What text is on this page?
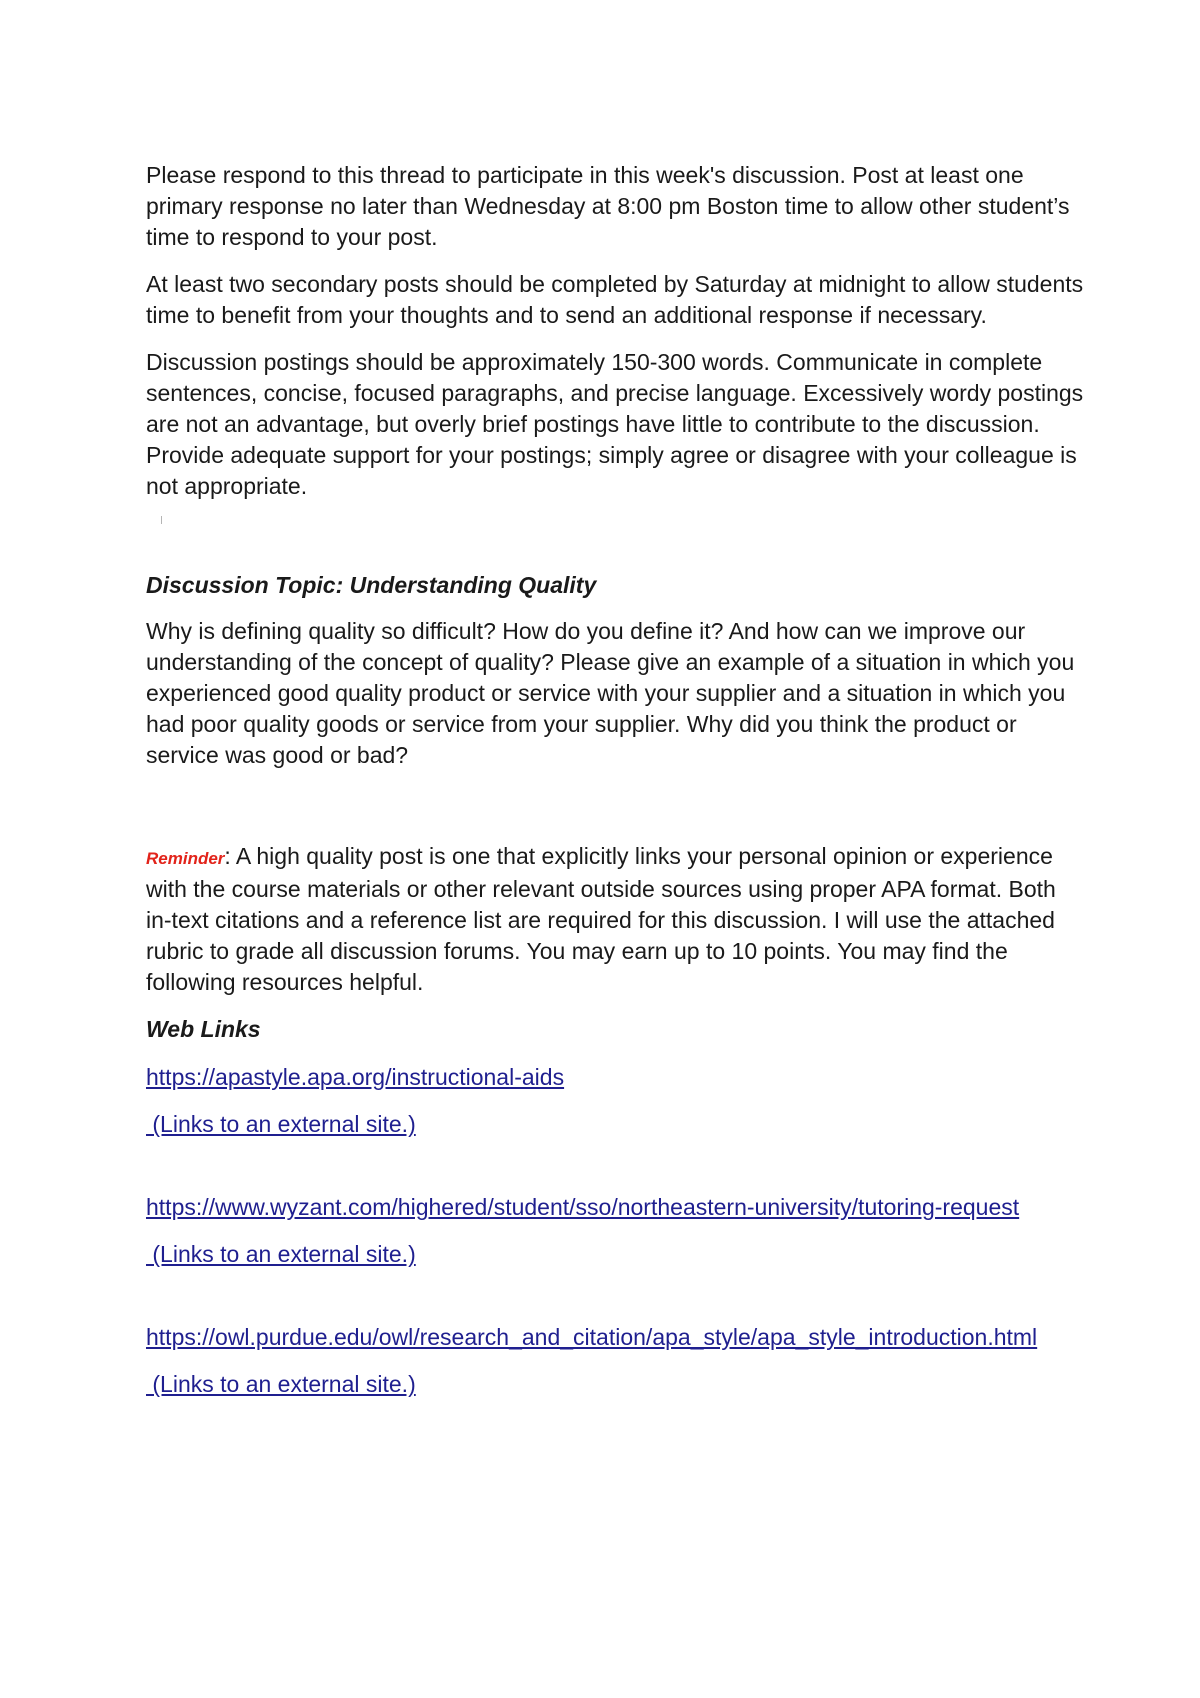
Please respond to this thread to participate in this week's discussion. Post at least one primary response no later than Wednesday at 8:00 pm Boston time to allow other student’s time to respond to your post.

At least two secondary posts should be completed by Saturday at midnight to allow students time to benefit from your thoughts and to send an additional response if necessary.

Discussion postings should be approximately 150-300 words. Communicate in complete sentences, concise, focused paragraphs, and precise language. Excessively wordy postings are not an advantage, but overly brief postings have little to contribute to the discussion. Provide adequate support for your postings; simply agree or disagree with your colleague is not appropriate.

Discussion Topic: Understanding Quality

Why is defining quality so difficult? How do you define it? And how can we improve our understanding of the concept of quality? Please give an example of a situation in which you experienced good quality product or service with your supplier and a situation in which you had poor quality goods or service from your supplier. Why did you think the product or service was good or bad?

Reminder: A high quality post is one that explicitly links your personal opinion or experience with the course materials or other relevant outside sources using proper APA format. Both in-text citations and a reference list are required for this discussion. I will use the attached rubric to grade all discussion forums. You may earn up to 10 points. You may find the following resources helpful.

Web Links

https://apastyle.apa.org/instructional-aids
(Links to an external site.)
https://www.wyzant.com/highered/student/sso/northeastern-university/tutoring-request
(Links to an external site.)
https://owl.purdue.edu/owl/research_and_citation/apa_style/apa_style_introduction.html
(Links to an external site.)
